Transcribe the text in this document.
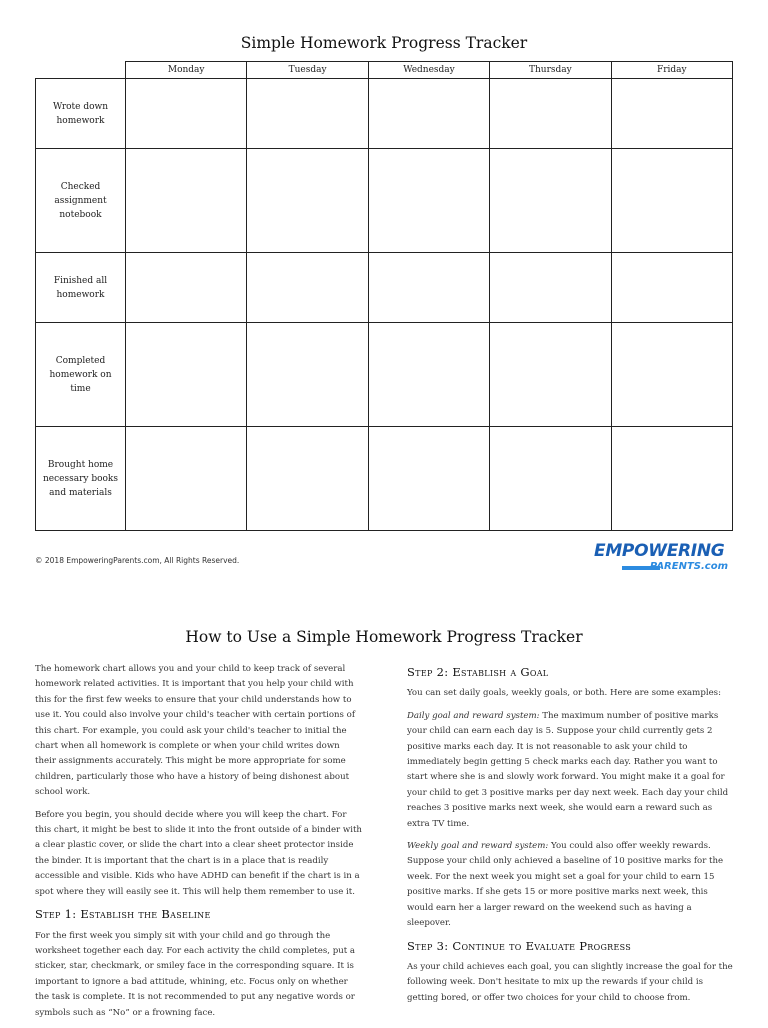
Simple Homework Progress Tracker
	Monday	Tuesday	Wednesday	Thursday	Friday
Wrote down homework					
Checked assignment notebook					
Finished all homework					
Completed homework on time					
Brought home necessary books and materials					
© 2018 EmpoweringParents.com, All Rights Reserved.	EMPOWERING
PARENTS.com
How to Use a Simple Homework Progress Tracker

The homework chart allows you and your child to keep track of several homework related activities. It is important that you help your child with this for the first few weeks to ensure that your child understands how to use it. You could also involve your child's teacher with certain portions of this chart. For example, you could ask your child's teacher to initial the chart when all homework is complete or when your child writes down their assignments accurately. This might be more appropriate for some children, particularly those who have a history of being dishonest about school work.

Before you begin, you should decide where you will keep the chart. For this chart, it might be best to slide it into the front outside of a binder with a clear plastic cover, or slide the chart into a clear sheet protector inside the binder. It is important that the chart is in a place that is readily accessible and visible. Kids who have ADHD can benefit if the chart is in a spot where they will easily see it. This will help them remember to use it.

Step 1: Establish the Baseline

For the first week you simply sit with your child and go through the worksheet together each day. For each activity the child completes, put a sticker, star, checkmark, or smiley face in the corresponding square. It is important to ignore a bad attitude, whining, etc. Focus only on whether the task is complete. It is not recommended to put any negative words or symbols such as “No” or a frowning face.

Step 2: Establish a Goal

You can set daily goals, weekly goals, or both. Here are some examples:

Daily goal and reward system: The maximum number of positive marks your child can earn each day is 5. Suppose your child currently gets 2 positive marks each day. It is not reasonable to ask your child to immediately begin getting 5 check marks each day. Rather you want to start where she is and slowly work forward. You might make it a goal for your child to get 3 positive marks per day next week. Each day your child reaches 3 positive marks next week, she would earn a reward such as extra TV time.

Weekly goal and reward system: You could also offer weekly rewards. Suppose your child only achieved a baseline of 10 positive marks for the week. For the next week you might set a goal for your child to earn 15 positive marks. If she gets 15 or more positive marks next week, this would earn her a larger reward on the weekend such as having a sleepover.

Step 3: Continue to Evaluate Progress

As your child achieves each goal, you can slightly increase the goal for the following week. Don't hesitate to mix up the rewards if your child is getting bored, or offer two choices for your child to choose from.
